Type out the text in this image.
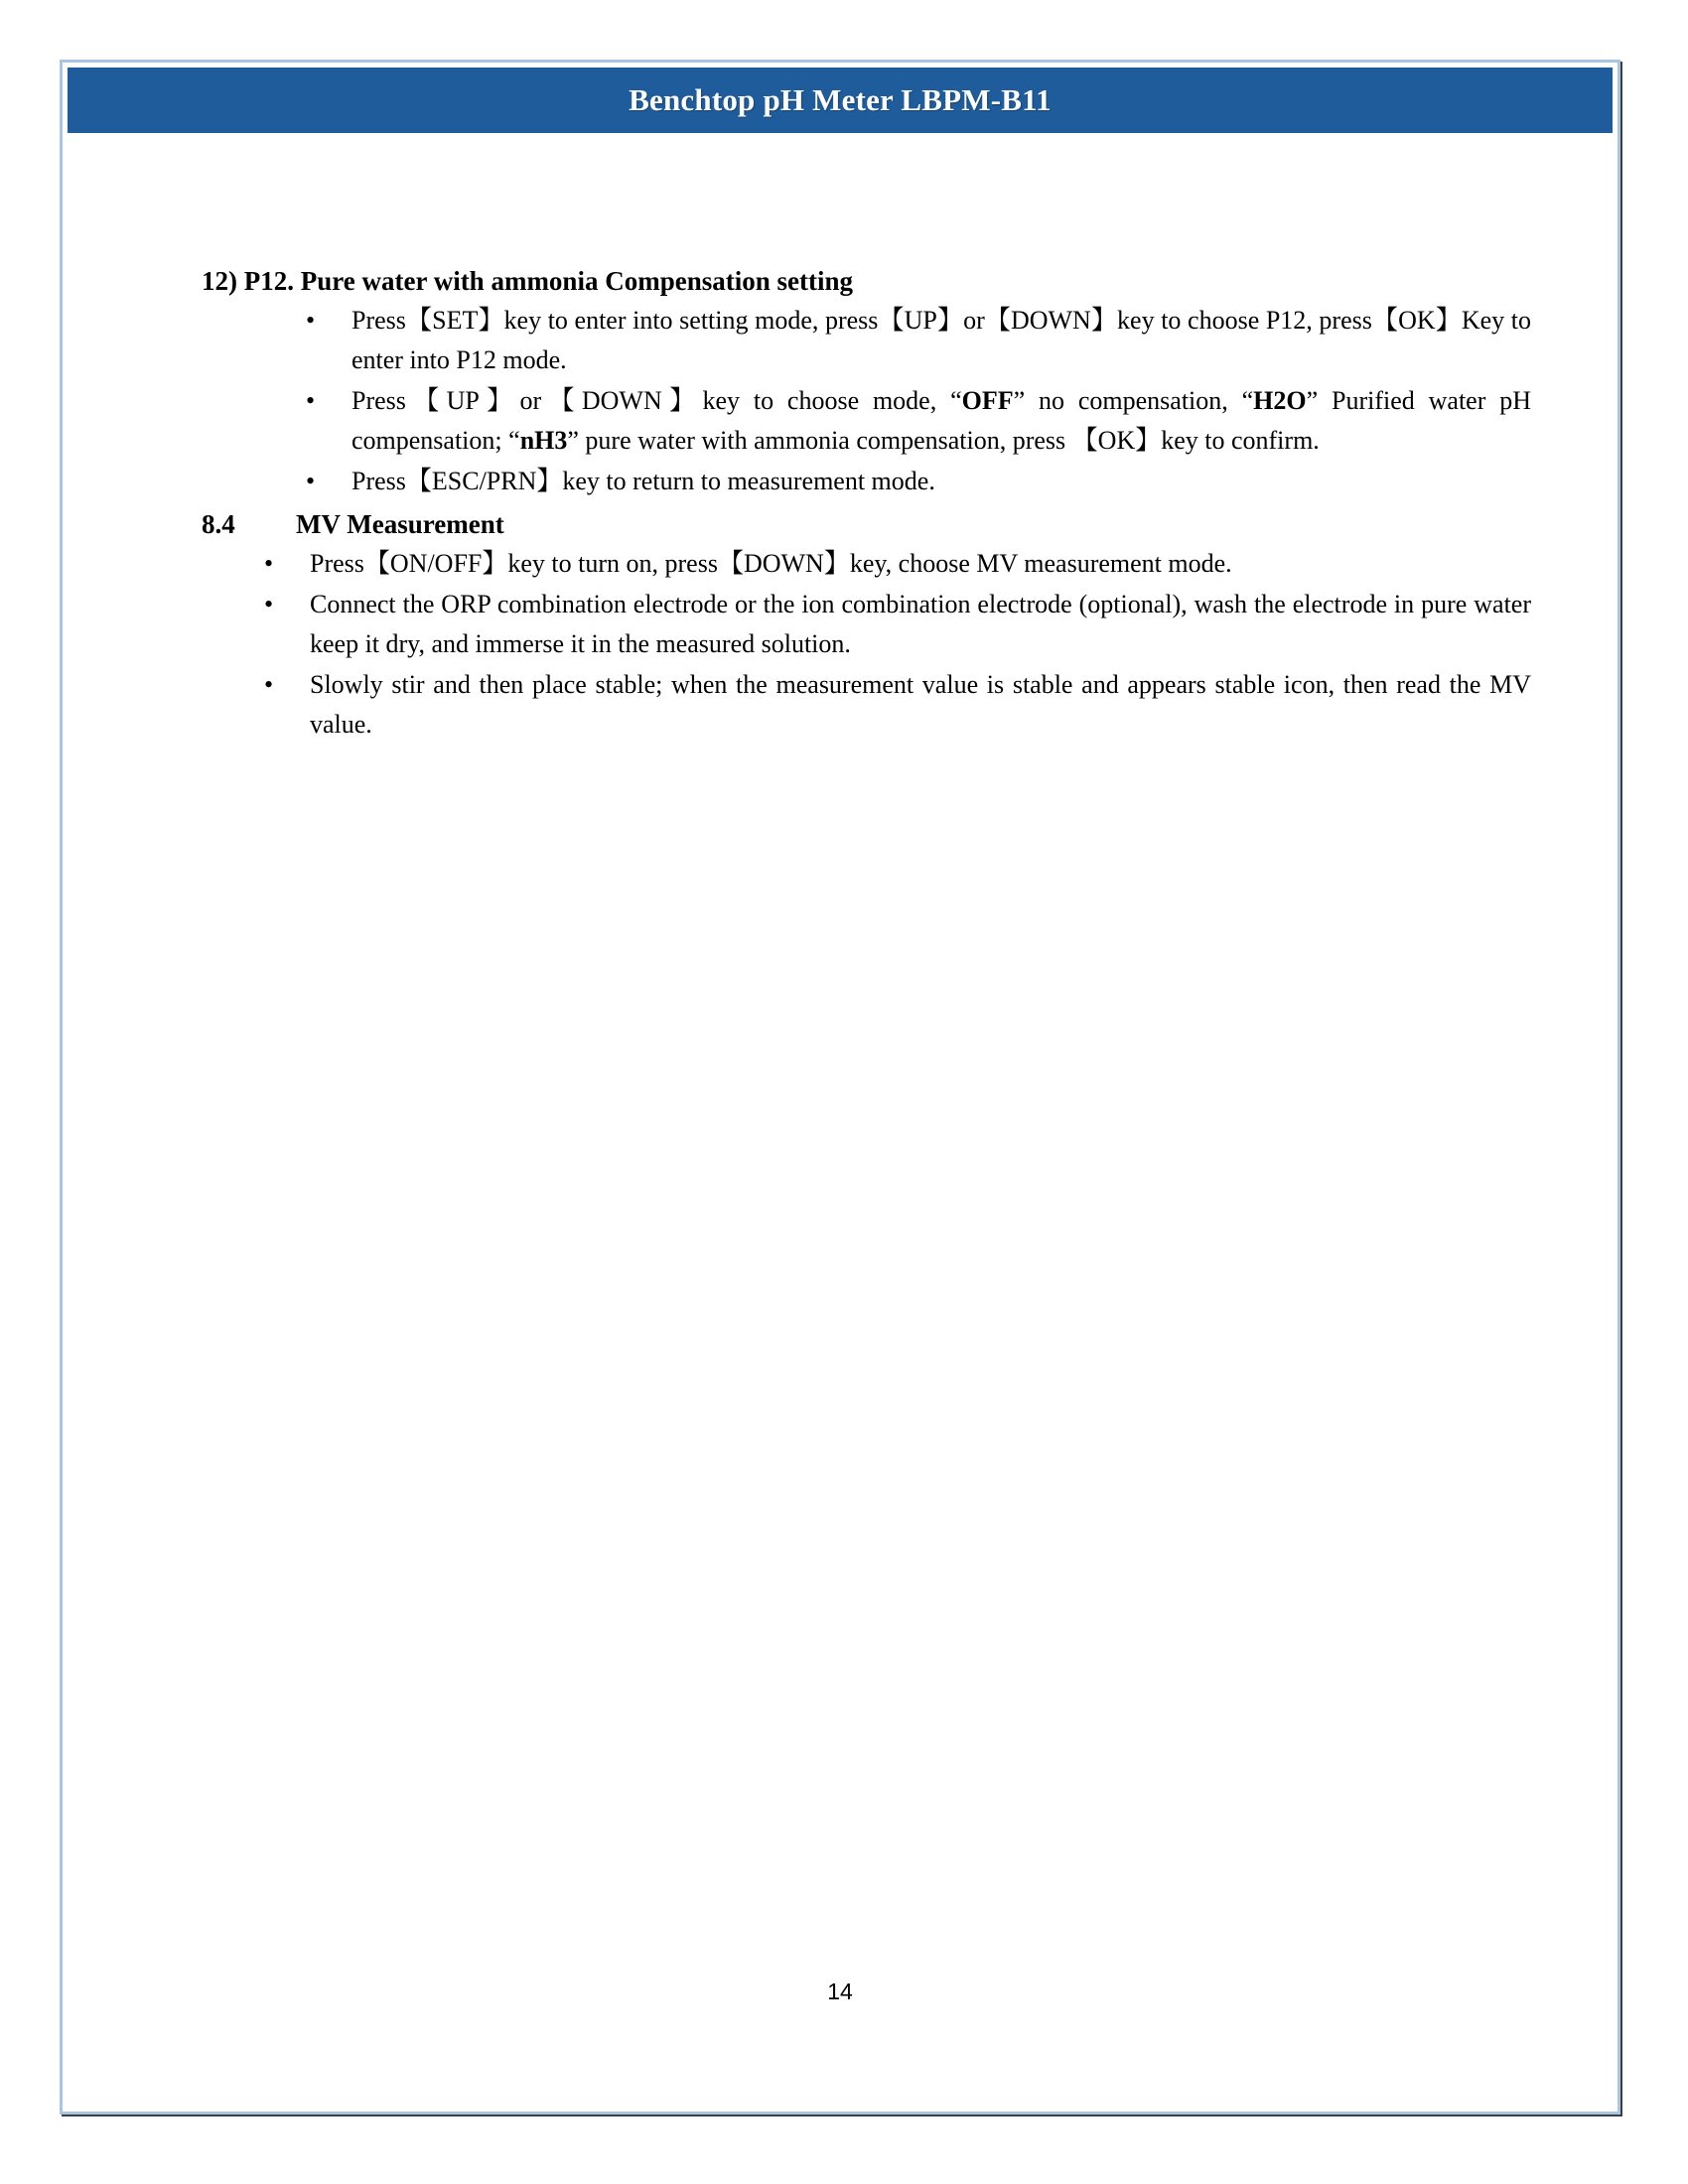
Benchtop pH Meter LBPM-B11
12) P12. Pure water with ammonia Compensation setting
• Press【SET】key to enter into setting mode, press【UP】or【DOWN】key to choose P12, press【OK】Key to enter into P12 mode.
• Press【UP】or【DOWN】key to choose mode, “OFF” no compensation, “H2O” Purified water pH compensation; “nH3” pure water with ammonia compensation, press 【OK】key to confirm.
• Press【ESC/PRN】key to return to measurement mode.
8.4	MV Measurement
• Press【ON/OFF】key to turn on, press【DOWN】key, choose MV measurement mode.
• Connect the ORP combination electrode or the ion combination electrode (optional), wash the electrode in pure water keep it dry, and immerse it in the measured solution.
• Slowly stir and then place stable; when the measurement value is stable and appears stable icon, then read the MV value.
14
